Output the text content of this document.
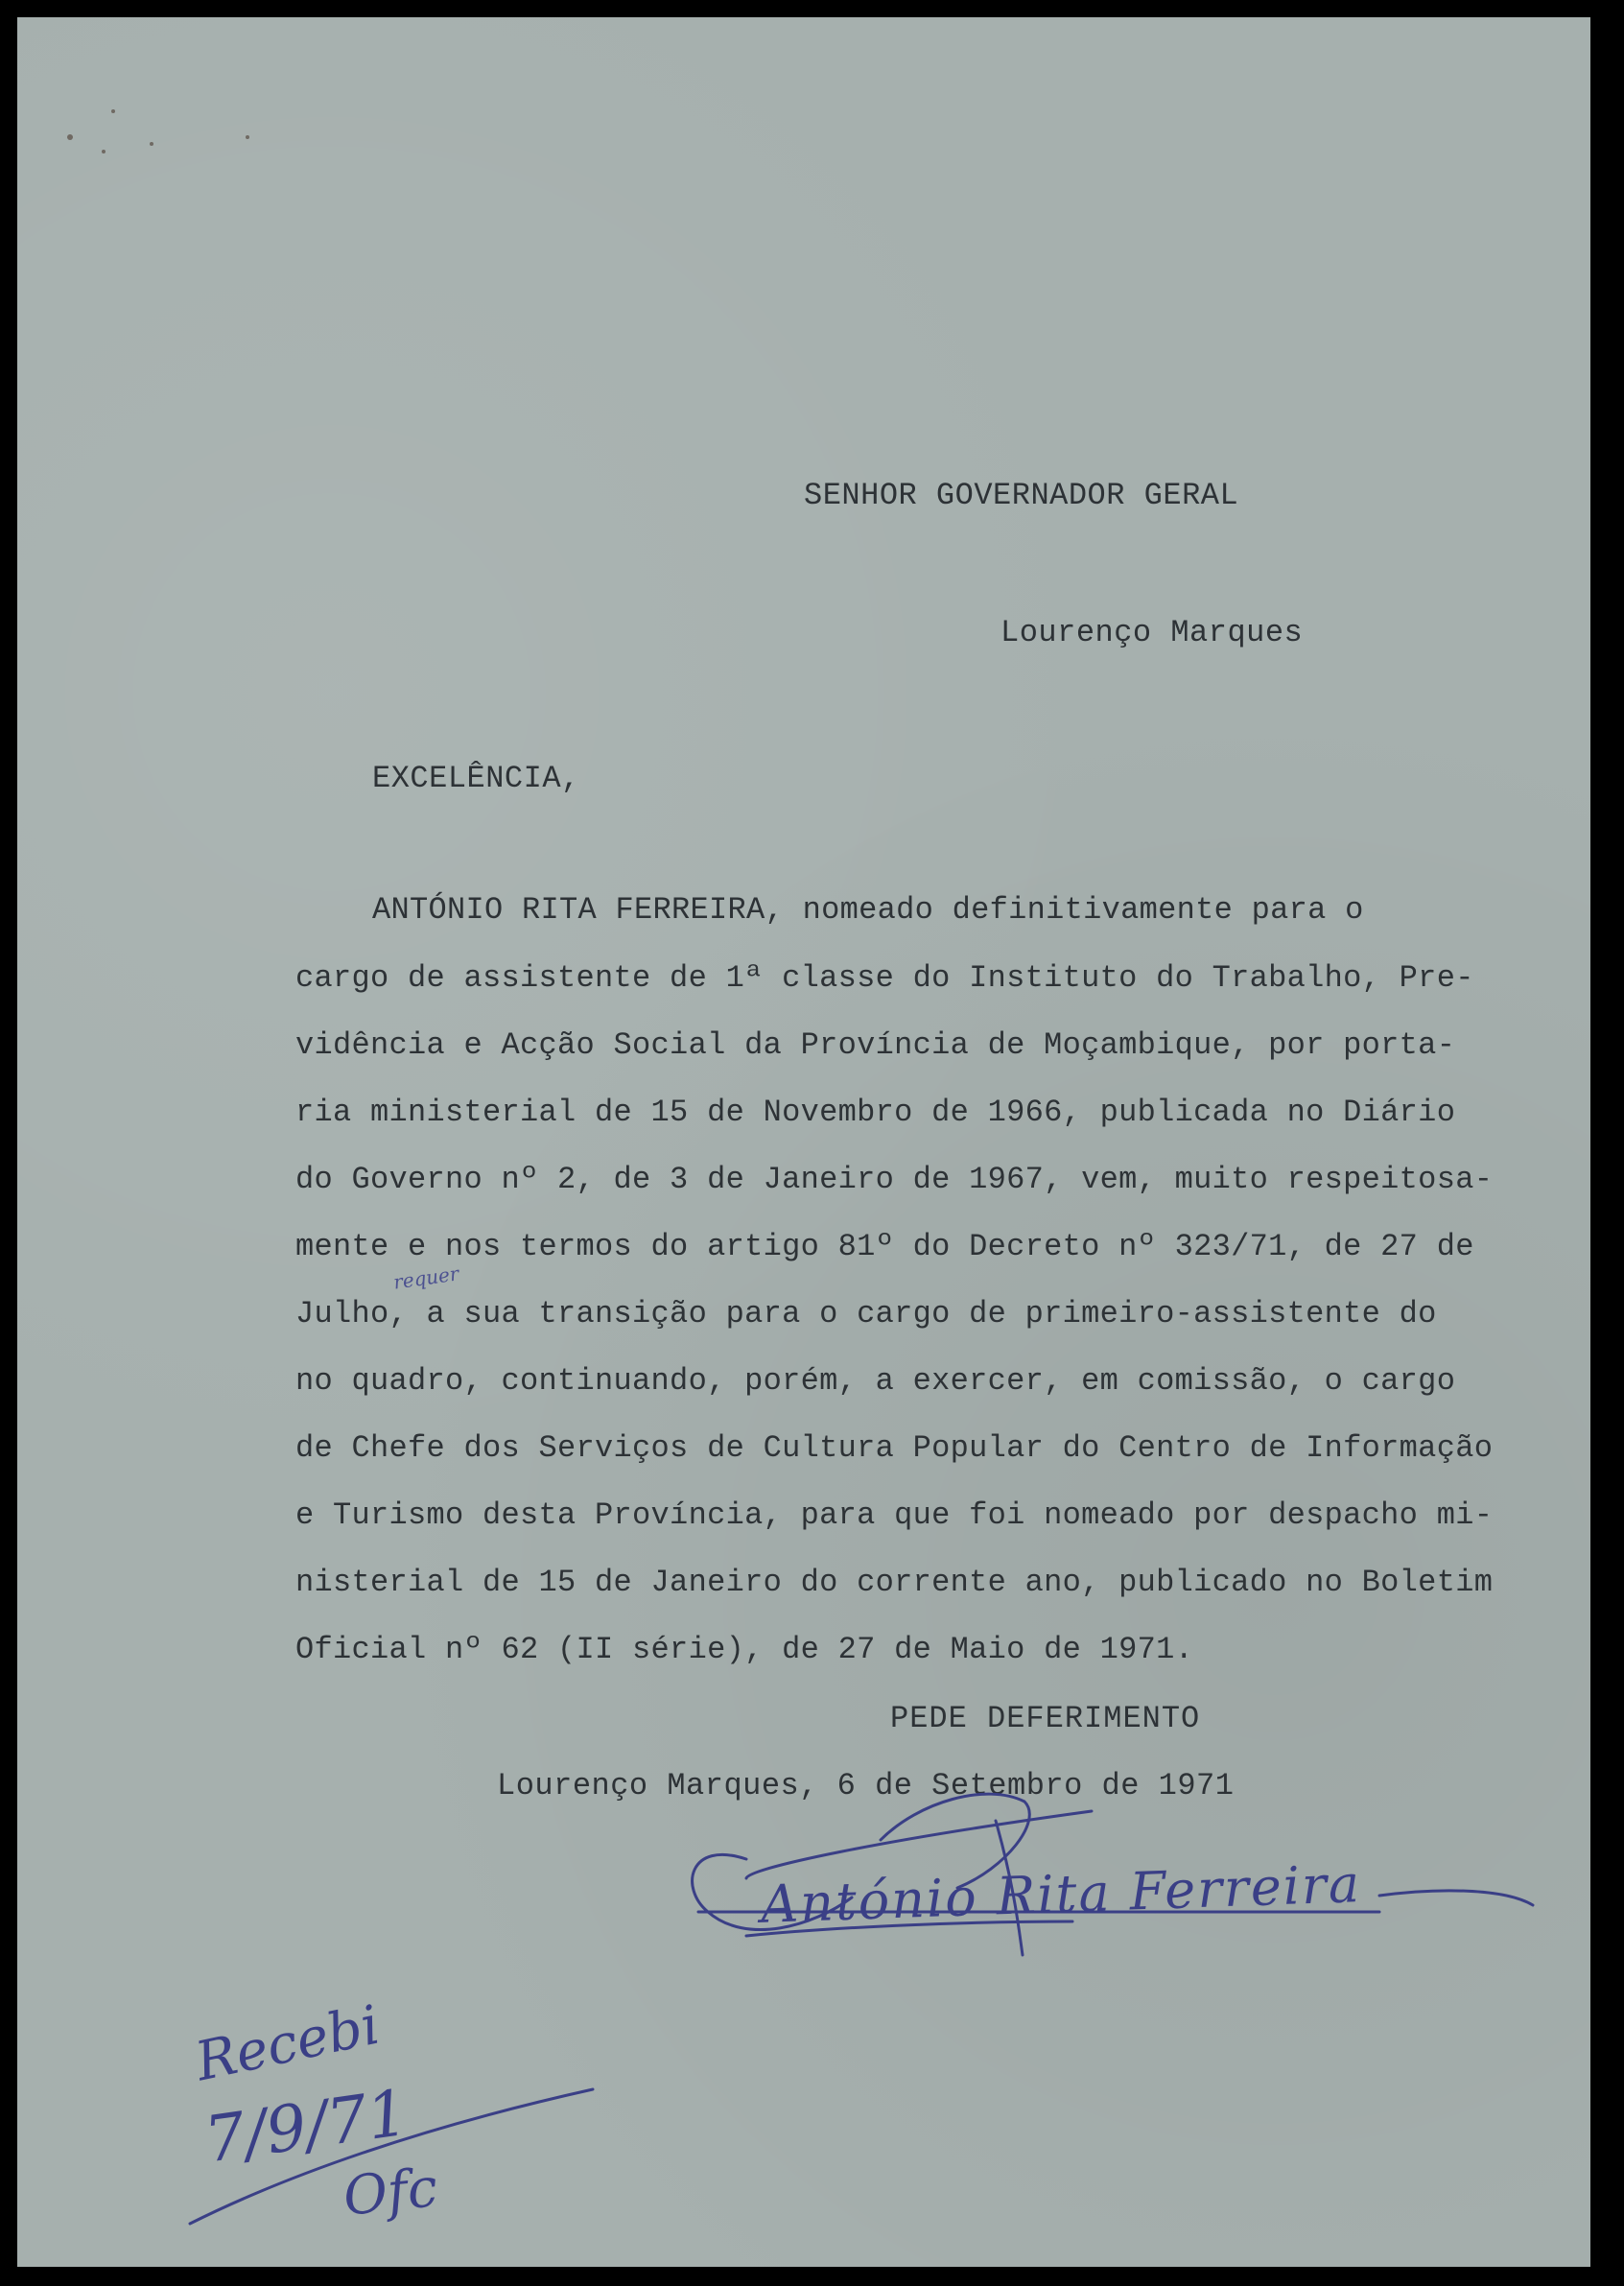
SENHOR GOVERNADOR GERAL
Lourenço Marques
EXCELÊNCIA,
ANTÓNIO RITA FERREIRA, nomeado definitivamente para o
cargo de assistente de 1ª classe do Instituto do Trabalho, Pre-
vidência e Acção Social da Província de Moçambique, por porta-
ria ministerial de 15 de Novembro de 1966, publicada no Diário
do Governo nº 2, de 3 de Janeiro de 1967, vem, muito respeitosa-
mente e nos termos do artigo 81º do Decreto nº 323/71, de 27 de
Julho, a sua transição para o cargo de primeiro-assistente do
no quadro, continuando, porém, a exercer, em comissão, o cargo
de Chefe dos Serviços de Cultura Popular do Centro de Informação
e Turismo desta Província, para que foi nomeado por despacho mi-
nisterial de 15 de Janeiro do corrente ano, publicado no Boletim
Oficial nº 62 (II série), de 27 de Maio de 1971.
requer
PEDE DEFERIMENTO
Lourenço Marques, 6 de Setembro de 1971
António Rita Ferreira
Recebi
7/9/71
Ofc
